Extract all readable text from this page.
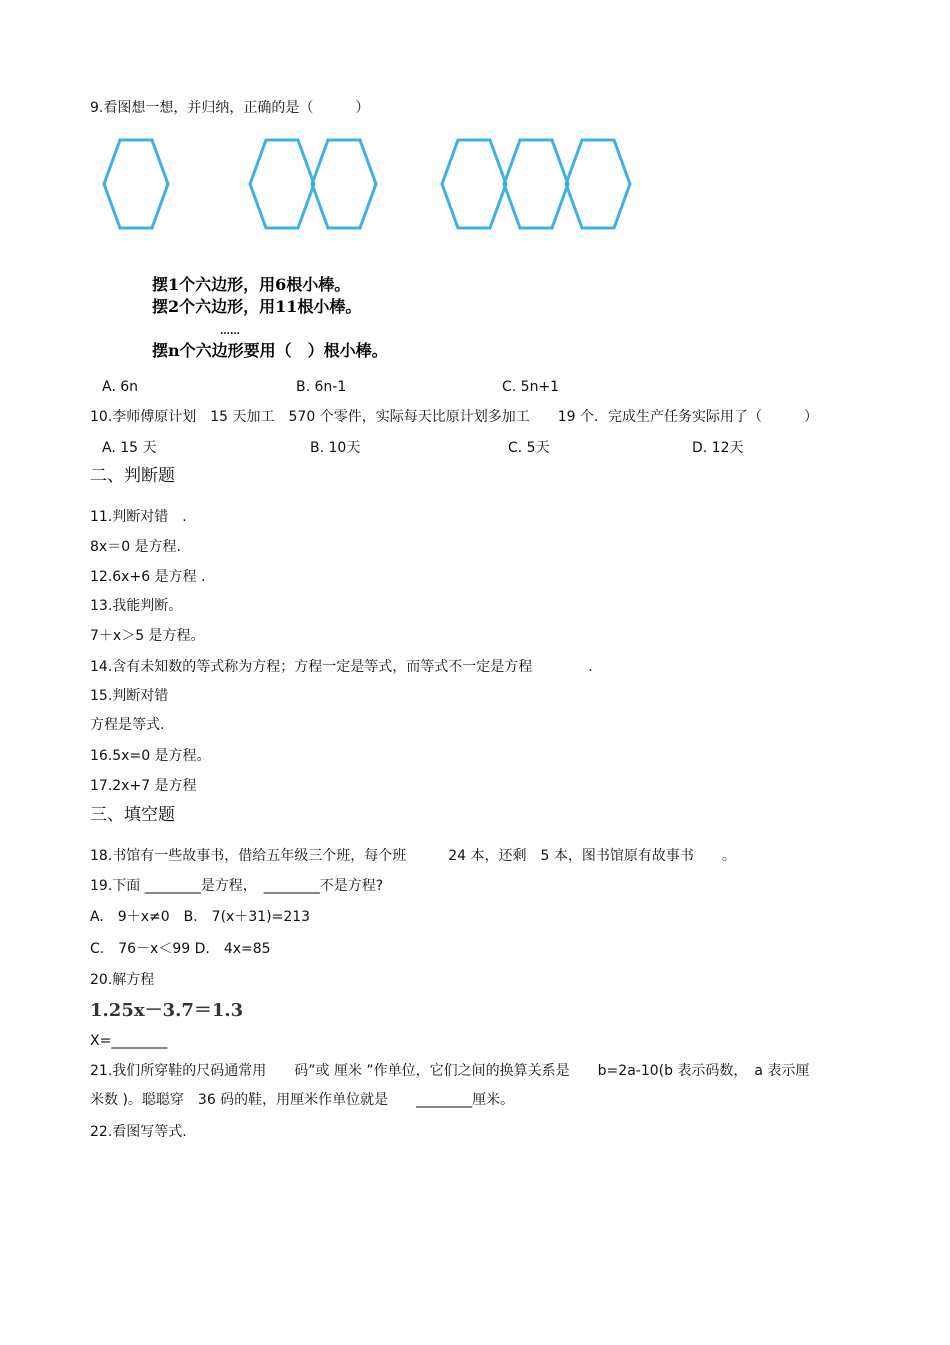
9.看图想一想，并归纳，正确的是（　　　）
摆1个六边形，用6根小棒。
摆2个六边形，用11根小棒。
……
摆n个六边形要用（　）根小棒。
A. 6n	B. 6n-1	C. 5n+1
10.李师傅原计划　15 天加工　570 个零件，实际每天比原计划多加工　　19 个．完成生产任务实际用了（　　　）
A. 15 天	B. 10天	C. 5天	D. 12天
二、判断题
11.判断对错　.
8x＝0 是方程.
12.6x+6 是方程 .
13.我能判断。
7＋x＞5 是方程。
14.含有未知数的等式称为方程；方程一定是等式，而等式不一定是方程　　　　.
15.判断对错
方程是等式.
16.5x=0 是方程。
17.2x+7 是方程
三、填空题
18.书馆有一些故事书，借给五年级三个班，每个班　　　24 本，还剩　5 本，图书馆原有故事书　　。
19.下面 ________是方程，　________不是方程?
A.　9＋x≠0　B.　7(x＋31)=213
C.　76－x＜99 D.　4x=85
20.解方程
1.25x－3.7＝1.3
X=________
21.我们所穿鞋的尺码通常用　　码”或 厘米 ”作单位，它们之间的换算关系是　　b=2a-10(b 表示码数，　a 表示厘
米数 )。聪聪穿　36 码的鞋，用厘米作单位就是　　________厘米。
22.看图写等式.
